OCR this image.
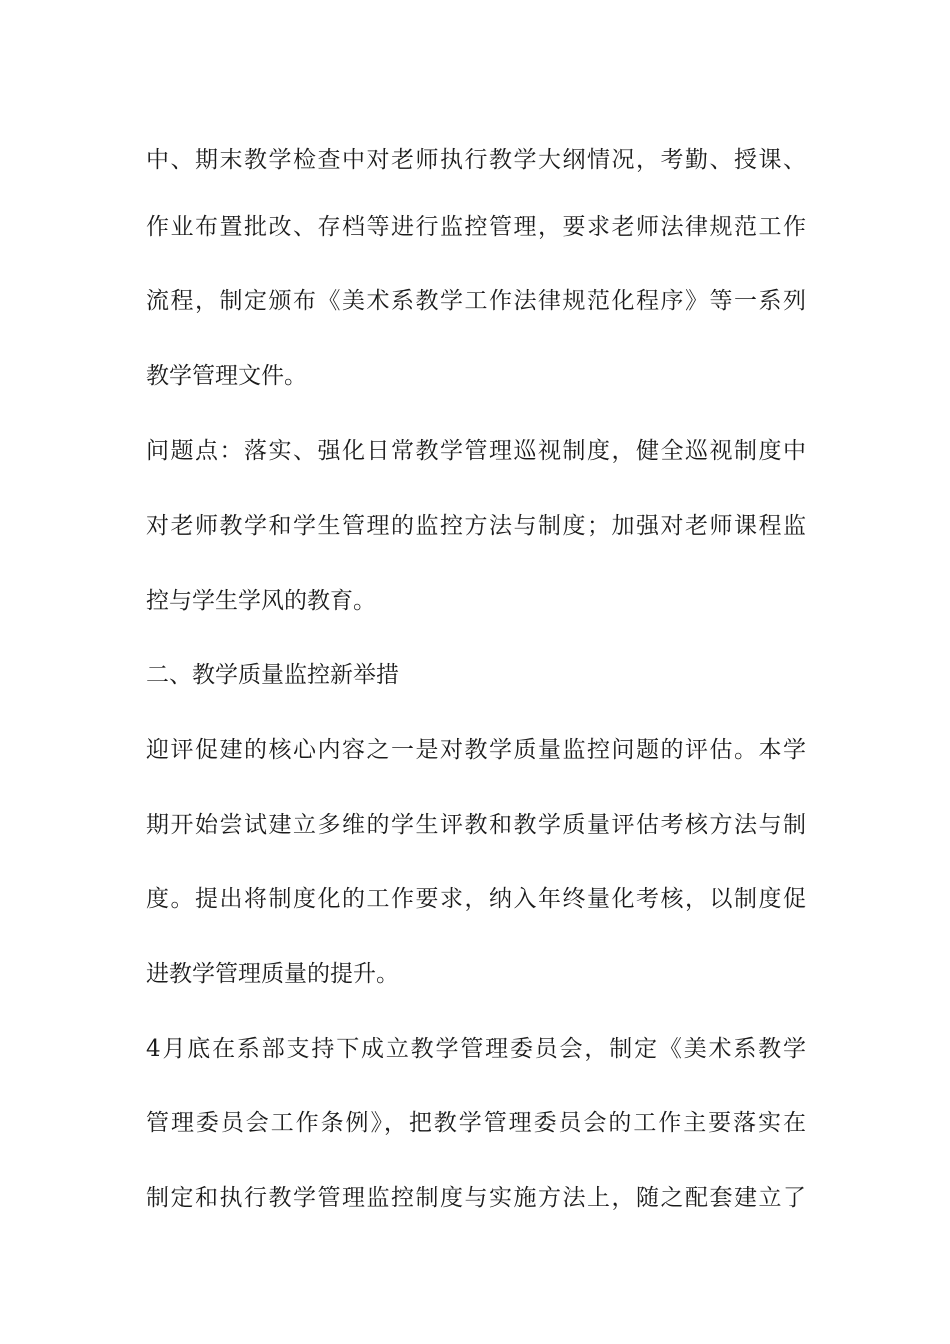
中、期末教学检查中对老师执行教学大纲情况，考勤、授课、
作业布置批改、存档等进行监控管理，要求老师法律规范工作
流程，制定颁布《美术系教学工作法律规范化程序》等一系列
教学管理文件。
问题点：落实、强化日常教学管理巡视制度，健全巡视制度中
对老师教学和学生管理的监控方法与制度；加强对老师课程监
控与学生学风的教育。
二、教学质量监控新举措
迎评促建的核心内容之一是对教学质量监控问题的评估。本学
期开始尝试建立多维的学生评教和教学质量评估考核方法与制
度。提出将制度化的工作要求，纳入年终量化考核，以制度促
进教学管理质量的提升。
4月底在系部支持下成立教学管理委员会，制定《美术系教学
管理委员会工作条例》，把教学管理委员会的工作主要落实在
制定和执行教学管理监控制度与实施方法上，随之配套建立了
